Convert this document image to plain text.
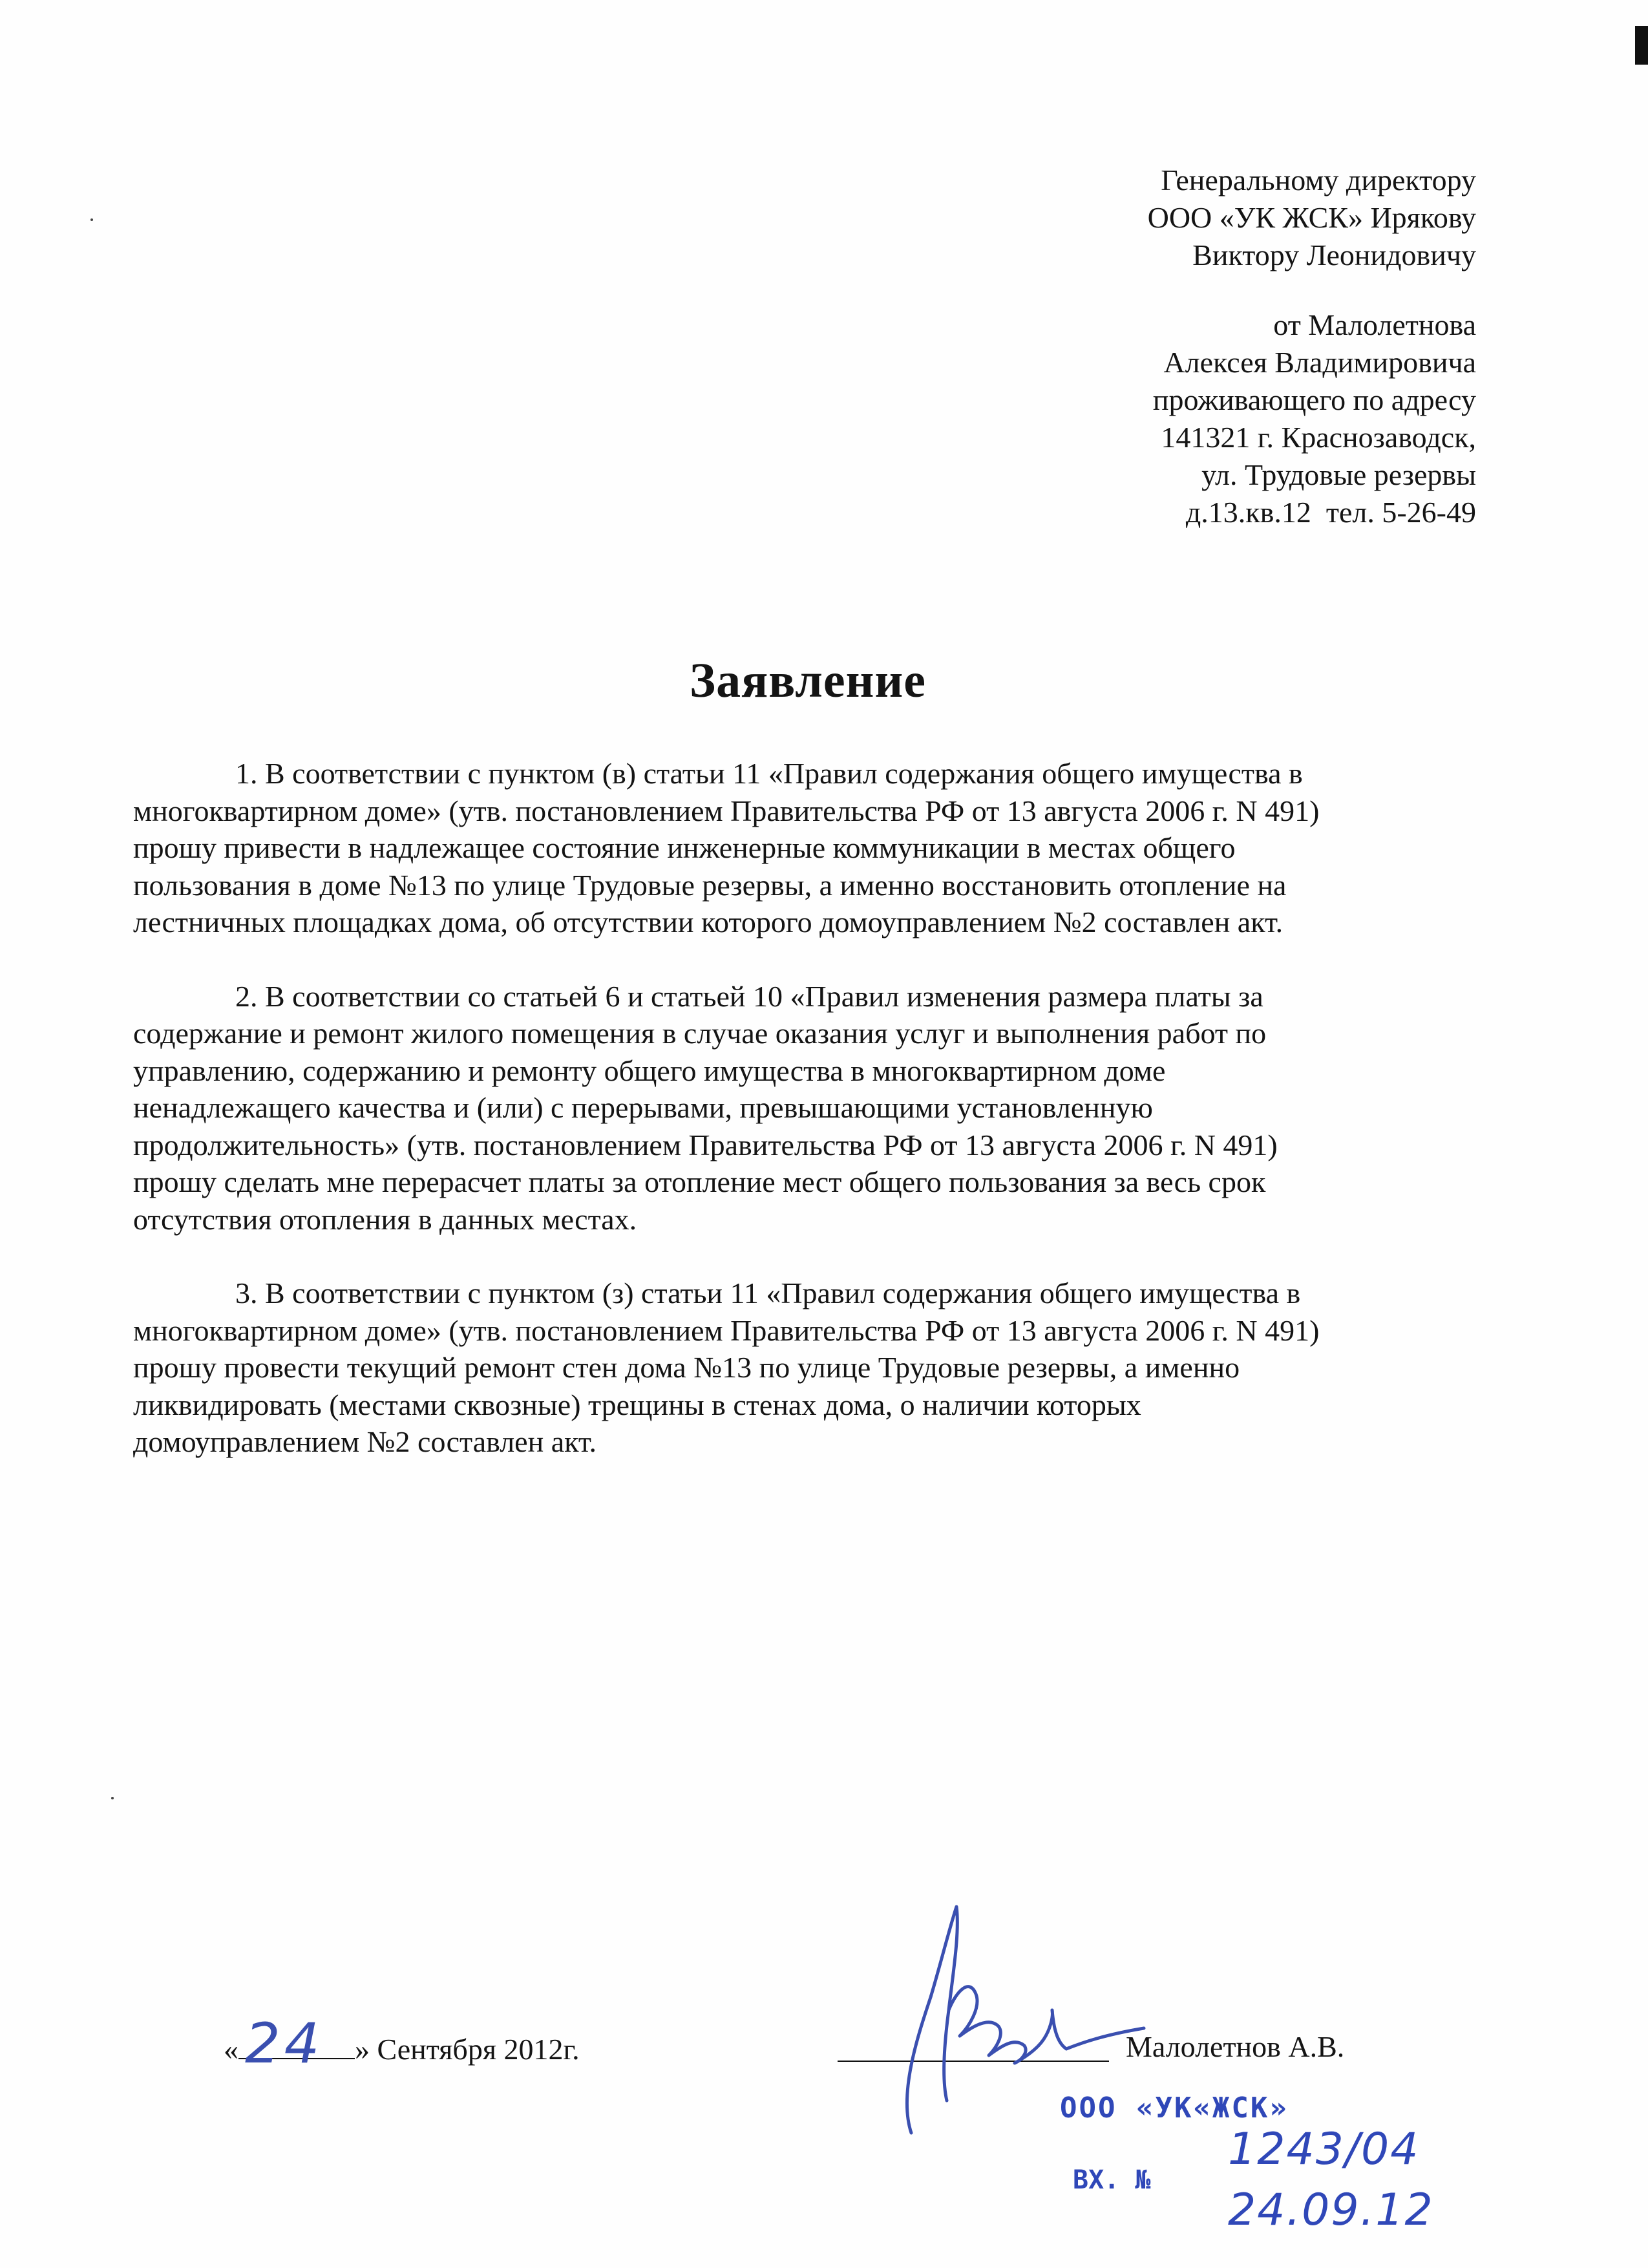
Генеральному директору
ООО «УК ЖСК» Ирякову
Виктору Леонидовичу
от Малолетнова
Алексея Владимировича
проживающего по адресу
141321 г. Краснозаводск,
ул. Трудовые резервы
д.13.кв.12  тел. 5-26-49
Заявление
1. В соответствии с пунктом (в) статьи 11 «Правил содержания общего имущества в
многоквартирном доме» (утв. постановлением Правительства РФ от 13 августа 2006 г. N 491)
прошу привести в надлежащее состояние инженерные коммуникации в местах общего
пользования в доме №13 по улице Трудовые резервы, а именно восстановить отопление на
лестничных площадках дома, об отсутствии которого домоуправлением №2 составлен акт.
2. В соответствии со статьей 6 и статьей 10 «Правил изменения размера платы за
содержание и ремонт жилого помещения в случае оказания услуг и выполнения работ по
управлению, содержанию и ремонту общего имущества в многоквартирном доме
ненадлежащего качества и (или) с перерывами, превышающими установленную
продолжительность» (утв. постановлением Правительства РФ от 13 августа 2006 г. N 491)
прошу сделать мне перерасчет платы за отопление мест общего пользования за весь срок
отсутствия отопления в данных местах.
3. В соответствии с пунктом (з) статьи 11 «Правил содержания общего имущества в
многоквартирном доме» (утв. постановлением Правительства РФ от 13 августа 2006 г. N 491)
прошу провести текущий ремонт стен дома №13 по улице Трудовые резервы, а именно
ликвидировать (местами сквозные) трещины в стенах дома, о наличии которых
домоуправлением №2 составлен акт.
« 24 » Сентября 2012г.	Малолетнов А.В.
ООО «УК«ЖСК»
ВХ. №
1243/04
24.09.12
